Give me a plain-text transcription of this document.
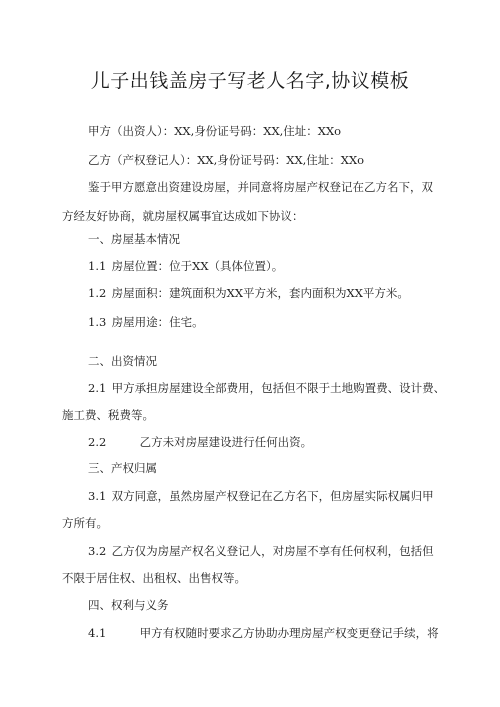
儿子出钱盖房子写老人名字,协议模板
甲方（出资人）：XX,身份证号码：XX,住址：XXo
乙方（产权登记人）：XX,身份证号码：XX,住址：XXo
鉴于甲方愿意出资建设房屋，并同意将房屋产权登记在乙方名下，双
方经友好协商，就房屋权属事宜达成如下协议：
一、房屋基本情况
1.1 房屋位置：位于XX（具体位置）。
1.2 房屋面积：建筑面积为XX平方米，套内面积为XX平方米。
1.3 房屋用途：住宅。
二、出资情况
2.1 甲方承担房屋建设全部费用，包括但不限于土地购置费、设计费、
施工费、税费等。
2.2	乙方未对房屋建设进行任何出资。
三、产权归属
3.1 双方同意，虽然房屋产权登记在乙方名下，但房屋实际权属归甲
方所有。
3.2 乙方仅为房屋产权名义登记人，对房屋不享有任何权利，包括但
不限于居住权、出租权、出售权等。
四、权利与义务
4.1	甲方有权随时要求乙方协助办理房屋产权变更登记手续，将
